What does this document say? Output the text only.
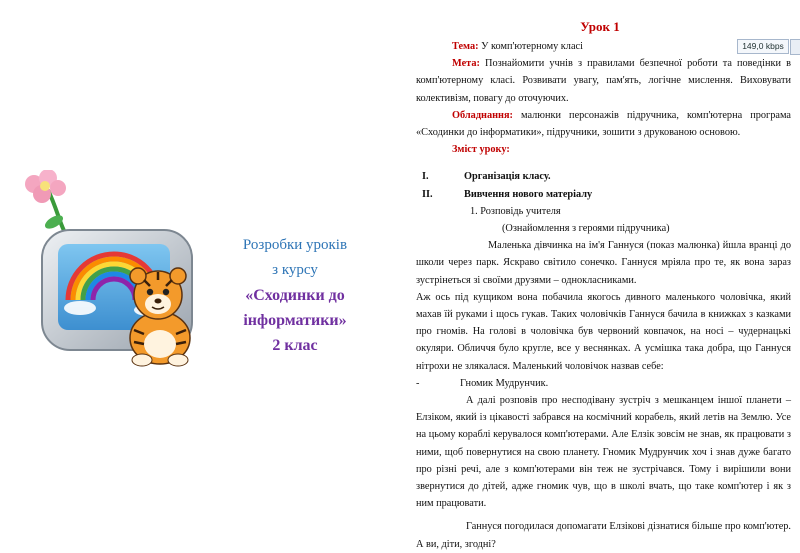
Розробки уроків
з курсу
«Сходинки до
інформатики»
2 клас
Урок 1

Тема: У комп'ютерному класі

Мета: Познайомити учнів з правилами безпечної роботи та поведінки в комп'ютерному класі. Розвивати увагу, пам'ять, логічне мислення. Виховувати колективізм, повагу до оточуючих.

Обладнання: малюнки персонажів підручника, комп'ютерна програма «Сходинки до інформатики», підручники, зошити з друкованою основою.

Зміст уроку:

I.	Організація класу.
II.	Вивчення нового матеріалу
1. Розповідь учителя
(Ознайомлення з героями підручника)

Маленька дівчинка на ім'я Ганнуся (показ малюнка) йшла вранці до школи через парк. Яскраво світило сонечко. Ганнуся мріяла про те, як вона зараз зустрінеться зі своїми друзями – однокласниками.

Аж ось під кущиком вона побачила якогось дивного маленького чоловічка, який махав їй руками і щось гукав. Таких чоловічків Ганнуся бачила в книжках з казками про гномів. На голові в чоловічка був червоний ковпачок, на носі – чудернацькі окуляри. Обличчя було кругле, все у веснянках. А усмішка така добра, що Ганнуся нітрохи не злякалася. Маленький чоловічок назвав себе:

-	Гномик Мудрунчик.

А далі розповів про несподівану зустріч з мешканцем іншої планети – Елзіком, який із цікавості забрався на космічний корабель, який летів на Землю. Усе на цьому кораблі керувалося комп'ютерами. Але Елзік зовсім не знав, як працювати з ними, щоб повернутися на свою планету. Гномик Мудрунчик хоч і знав дуже багато про різні речі, але з комп'ютерами він теж не зустрічався. Тому і вирішили вони звернутися до дітей, адже гномик чув, що в школі вчать, що таке комп'ютер і як з ним працювати.

Ганнуся погодилася допомагати Елзікові дізнатися більше про комп'ютер. А ви, діти, згодні?

149,0 kbps
